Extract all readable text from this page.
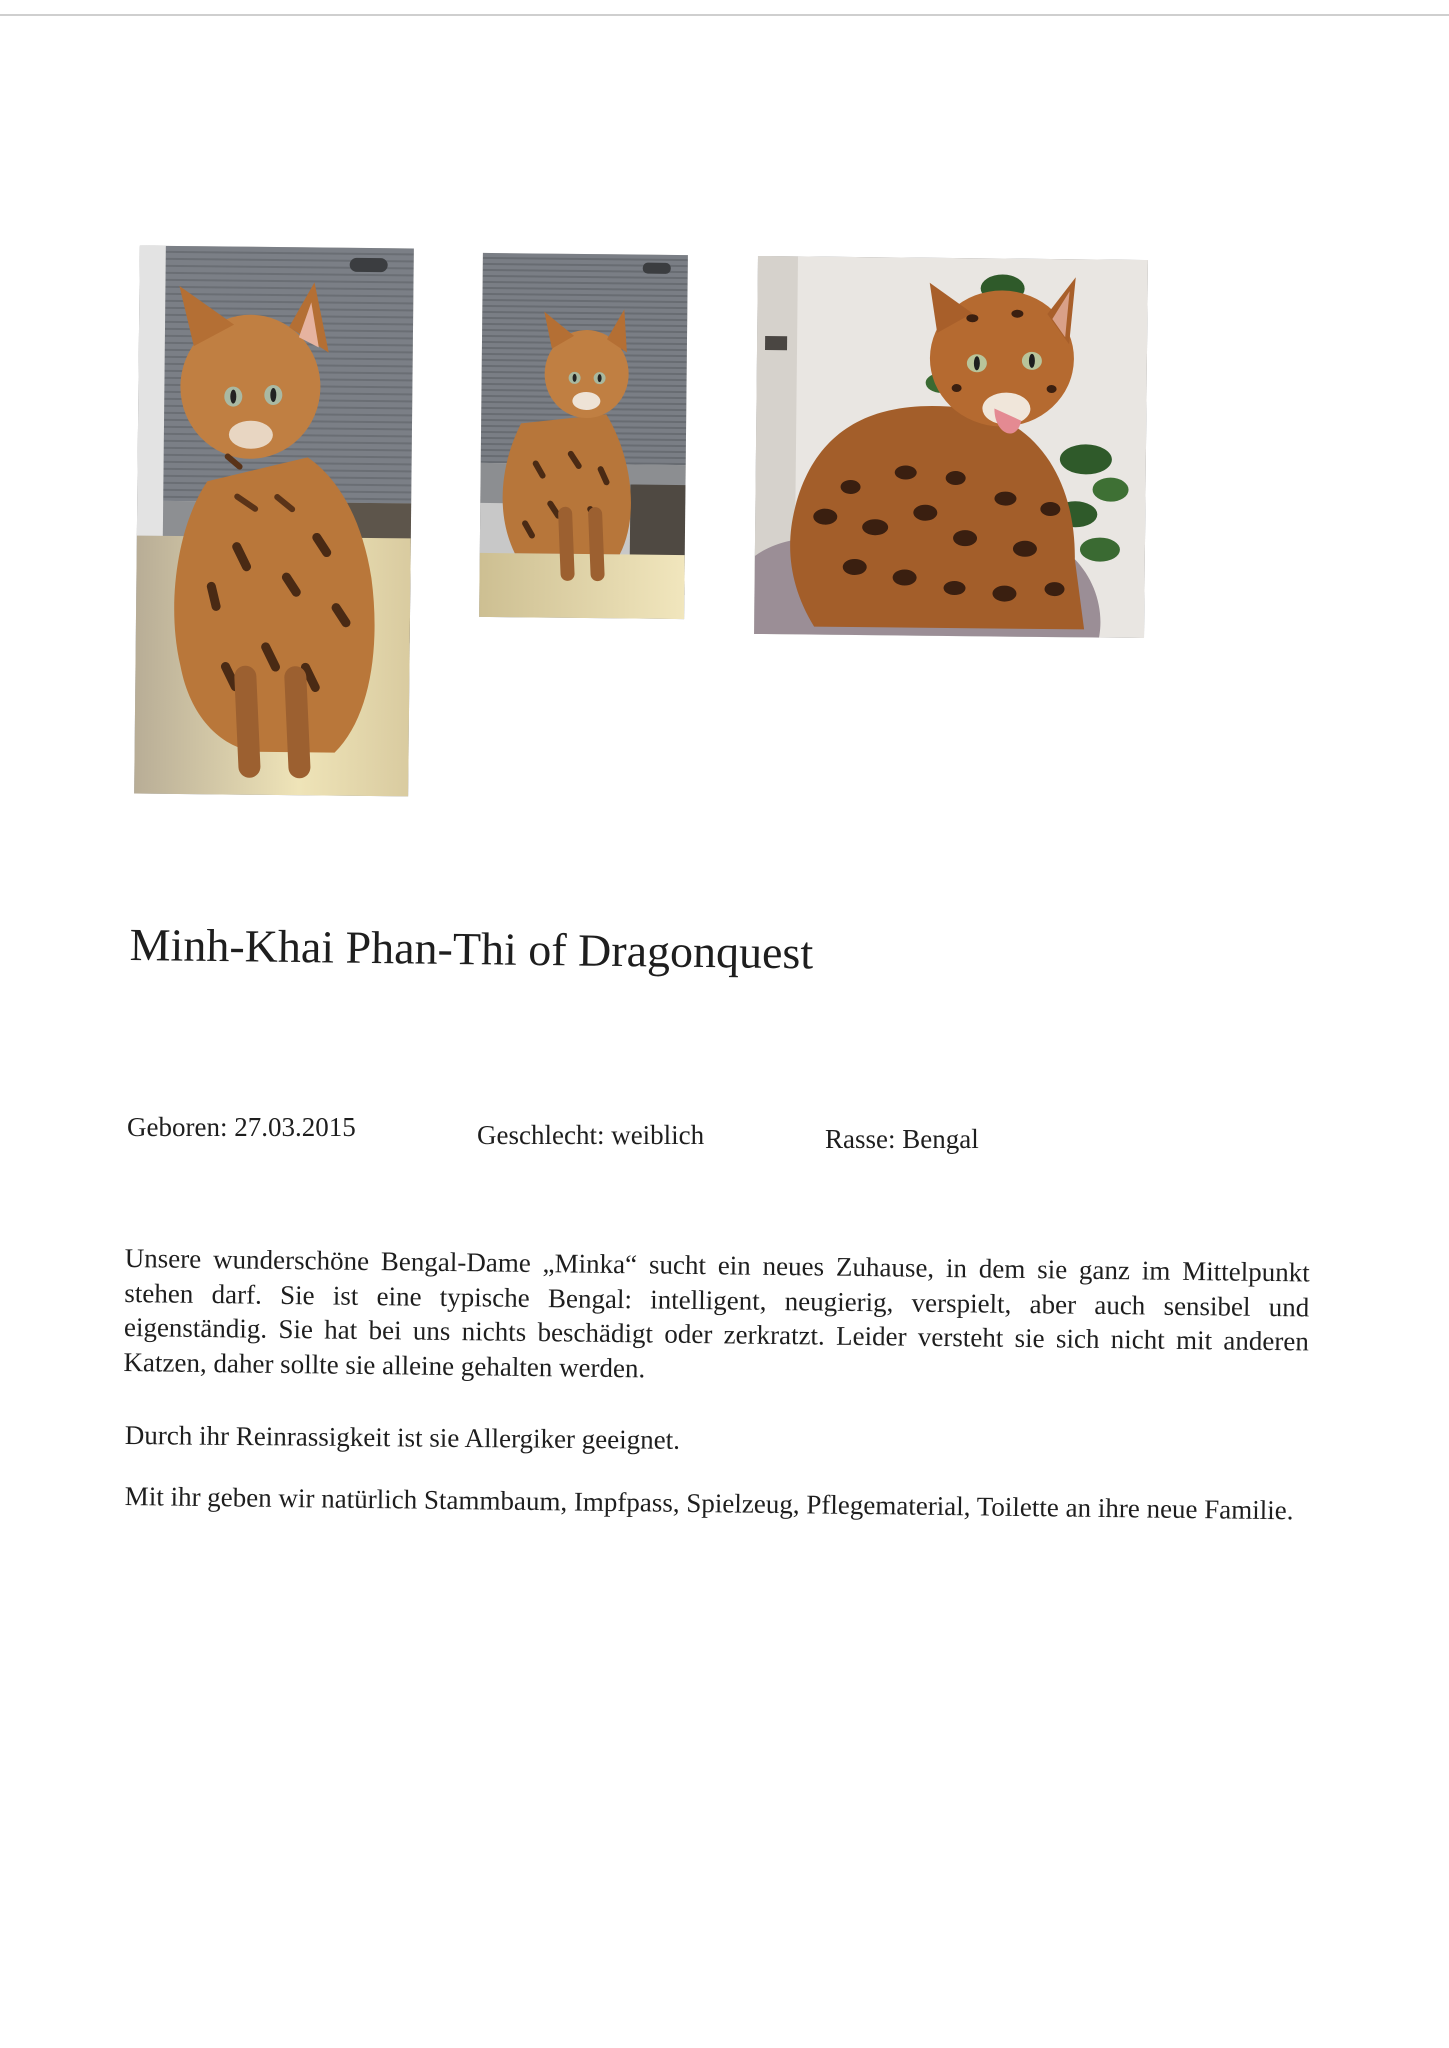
Minh-Khai Phan-Thi of Dragonquest
Geboren: 27.03.2015	Geschlecht: weiblich	Rasse: Bengal

Unsere wunderschöne Bengal-Dame „Minka“ sucht ein neues Zuhause, in dem sie ganz im Mittelpunkt stehen darf. Sie ist eine typische Bengal: intelligent, neugierig, verspielt, aber auch sensibel und eigenständig. Sie hat bei uns nichts beschädigt oder zerkratzt. Leider versteht sie sich nicht mit anderen Katzen, daher sollte sie alleine gehalten werden.

Durch ihr Reinrassigkeit ist sie Allergiker geeignet.

Mit ihr geben wir natürlich Stammbaum, Impfpass, Spielzeug, Pflegematerial, Toilette an ihre neue Familie.
